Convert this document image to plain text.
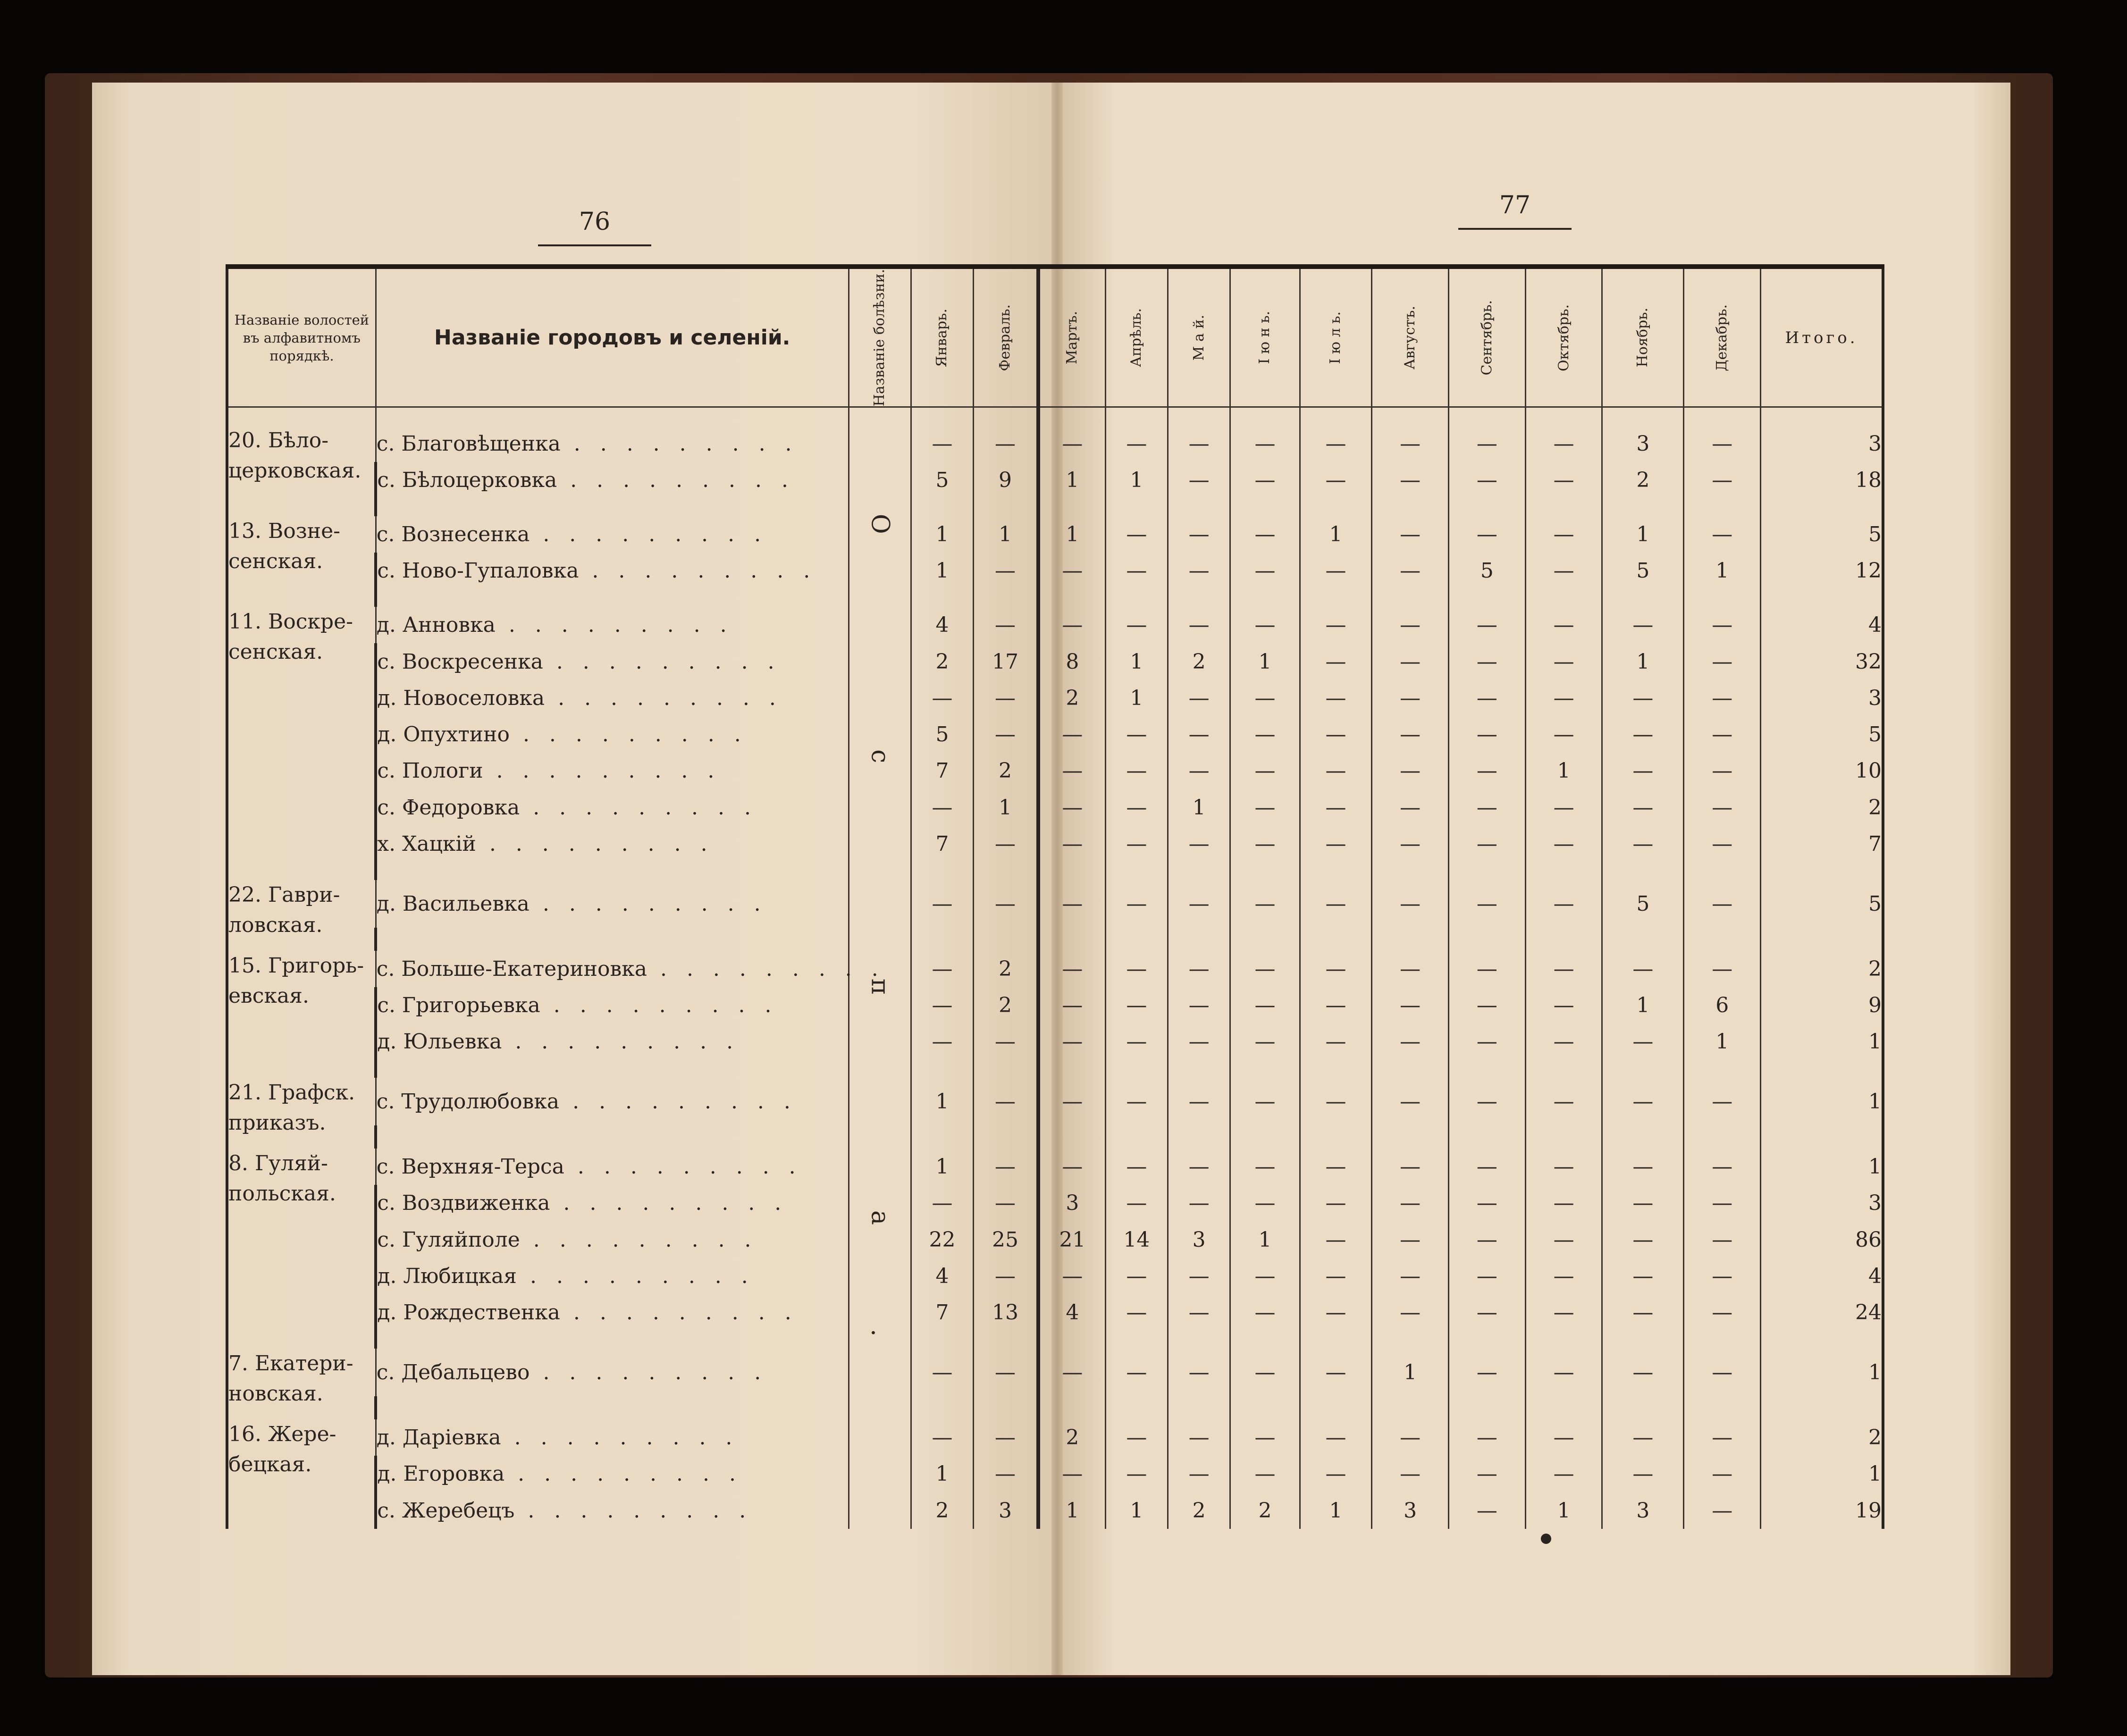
76
77
Названіе волостей въ алфавитномъ порядкѣ.	Названіе городовъ и селеній.	Названіе болѣзни.	Январь.	Февраль.	Мартъ.	Апрѣль.	М а й.	І ю н ь.	І ю л ь.	Августъ.	Сентябрь.	Октябрь.	Ноябрь.	Декабрь.	Итого.

20. Бѣло-церковская.	с. Благовѣщенка . . . . . . . . .	О с п а.	—	—	—	—	—	—	—	—	—	—	3	—	3
	с. Бѣлоцерковка . . . . . . . . .		5	9	1	1	—	—	—	—	—	—	2	—	18

13. Возне-сенская.	с. Вознесенка . . . . . . . . .		1	1	1	—	—	—	1	—	—	—	1	—	5
	с. Ново-Гупаловка . . . . . . . . .		1	—	—	—	—	—	—	—	5	—	5	1	12

11. Воскре-сенская.	д. Анновка . . . . . . . . .		4	—	—	—	—	—	—	—	—	—	—	—	4
	с. Воскресенка . . . . . . . . .		2	17	8	1	2	1	—	—	—	—	1	—	32
	д. Новоселовка . . . . . . . . .		—	—	2	1	—	—	—	—	—	—	—	—	3
	д. Опухтино . . . . . . . . .		5	—	—	—	—	—	—	—	—	—	—	—	5
	с. Пологи . . . . . . . . .		7	2	—	—	—	—	—	—	—	1	—	—	10
	с. Федоровка . . . . . . . . .		—	1	—	—	1	—	—	—	—	—	—	—	2
	х. Хацкій . . . . . . . . .		7	—	—	—	—	—	—	—	—	—	—	—	7

22. Гаври-ловская.	д. Васильевка . . . . . . . . .		—	—	—	—	—	—	—	—	—	—	5	—	5

15. Григорь-евская.	с. Больше-Екатериновка . . . . . . . . .		—	2	—	—	—	—	—	—	—	—	—	—	2
	с. Григорьевка . . . . . . . . .		—	2	—	—	—	—	—	—	—	—	1	6	9
	д. Юльевка . . . . . . . . .		—	—	—	—	—	—	—	—	—	—	—	1	1

21. Графск. приказъ.	с. Трудолюбовка . . . . . . . . .		1	—	—	—	—	—	—	—	—	—	—	—	1

8. Гуляй-польская.	с. Верхняя-Терса . . . . . . . . .		1	—	—	—	—	—	—	—	—	—	—	—	1
	с. Воздвиженка . . . . . . . . .		—	—	3	—	—	—	—	—	—	—	—	—	3
	с. Гуляйполе . . . . . . . . .		22	25	21	14	3	1	—	—	—	—	—	—	86
	д. Любицкая . . . . . . . . .		4	—	—	—	—	—	—	—	—	—	—	—	4
	д. Рождественка . . . . . . . . .		7	13	4	—	—	—	—	—	—	—	—	—	24

7. Екатери-новская.	с. Дебальцево . . . . . . . . .		—	—	—	—	—	—	—	1	—	—	—	—	1

16. Жере-бецкая.	д. Даріевка . . . . . . . . .		—	—	2	—	—	—	—	—	—	—	—	—	2
	д. Егоровка . . . . . . . . .		1	—	—	—	—	—	—	—	—	—	—	—	1
	с. Жеребецъ . . . . . . . . .		2	3	1	1	2	2	1	3	—	1	3	—	19
